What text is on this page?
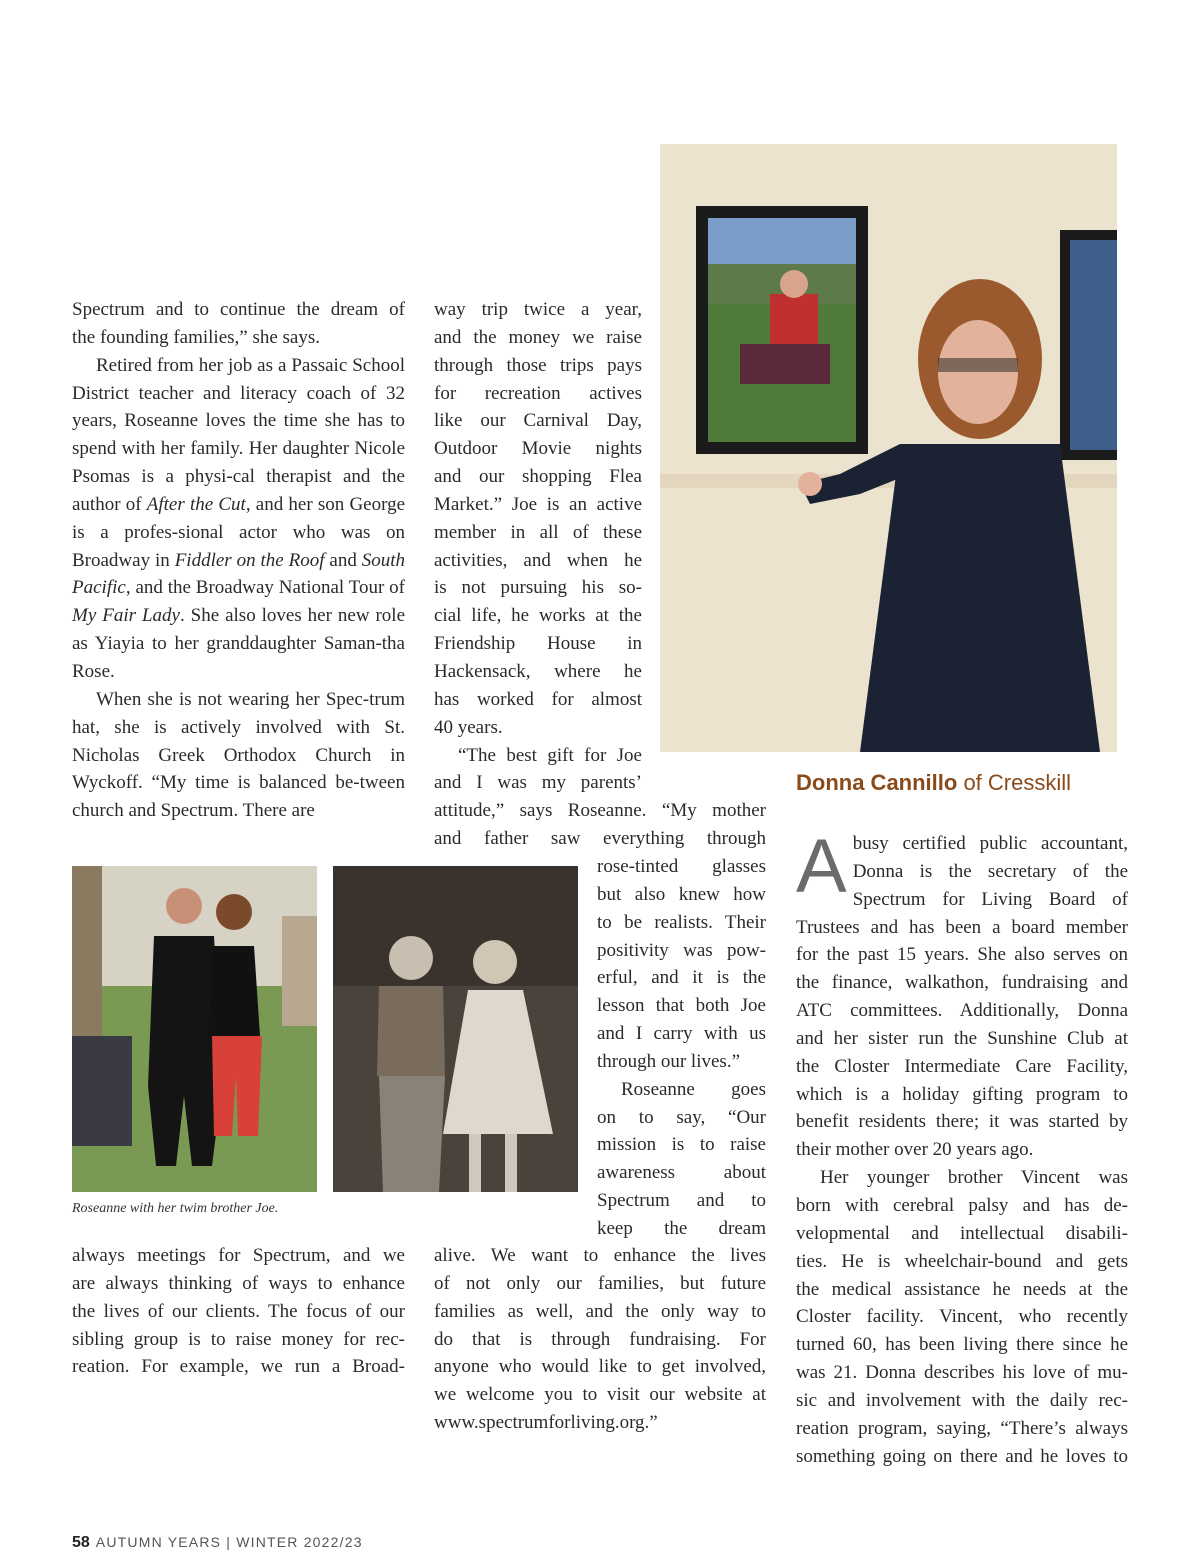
Spectrum and to continue the dream of
the founding families,” she says.

Retired from her job as a Passaic School District teacher and literacy coach of 32 years, Roseanne loves the time she has to spend with her family. Her daughter Nicole Psomas is a physi-cal therapist and the author of After the Cut, and her son George is a profes-sional actor who was on Broadway in Fiddler on the Roof and South Pacific, and the Broadway National Tour of My Fair Lady. She also loves her new role as Yiayia to her granddaughter Saman-tha Rose.

When she is not wearing her Spec-trum hat, she is actively involved with St. Nicholas Greek Orthodox Church in Wyckoff. “My time is balanced be-tween church and Spectrum. There are

Roseanne with her twim brother Joe.
always meetings for Spectrum, and we
are always thinking of ways to enhance
the lives of our clients. The focus of our
sibling group is to raise money for rec-
reation. For example, we run a Broad-
way trip twice a year,
and the money we raise
through those trips pays
for recreation actives
like our Carnival Day,
Outdoor Movie nights
and our shopping Flea
Market.” Joe is an active
member in all of these
activities, and when he
is not pursuing his so-
cial life, he works at the
Friendship House in
Hackensack, where he
has worked for almost
40 years.
“The best gift for Joe
and I was my parents’
attitude,” says Roseanne. “My mother
and father saw everything through
rose-tinted glasses
but also knew how
to be realists. Their
positivity was pow-
erful, and it is the
lesson that both Joe
and I carry with us
through our lives.”
Roseanne goes
on to say, “Our
mission is to raise
awareness about
Spectrum and to
keep the dream
alive. We want to enhance the lives
of not only our families, but future
families as well, and the only way to
do that is through fundraising. For
anyone who would like to get involved,
we welcome you to visit our website at
www.spectrumforliving.org.”
Donna Cannillo of Cresskill
A busy certified public accountant,
Donna is the secretary of the
Spectrum for Living Board of
Trustees and has been a board member
for the past 15 years. She also serves on
the finance, walkathon, fundraising and
ATC committees. Additionally, Donna
and her sister run the Sunshine Club at
the Closter Intermediate Care Facility,
which is a holiday gifting program to
benefit residents there; it was started by
their mother over 20 years ago.
Her younger brother Vincent was
born with cerebral palsy and has de-
velopmental and intellectual disabili-
ties. He is wheelchair-bound and gets
the medical assistance he needs at the
Closter facility. Vincent, who recently
turned 60, has been living there since he
was 21. Donna describes his love of mu-
sic and involvement with the daily rec-
reation program, saying, “There’s always
something going on there and he loves to
58 AUTUMN YEARS | WINTER 2022/23
